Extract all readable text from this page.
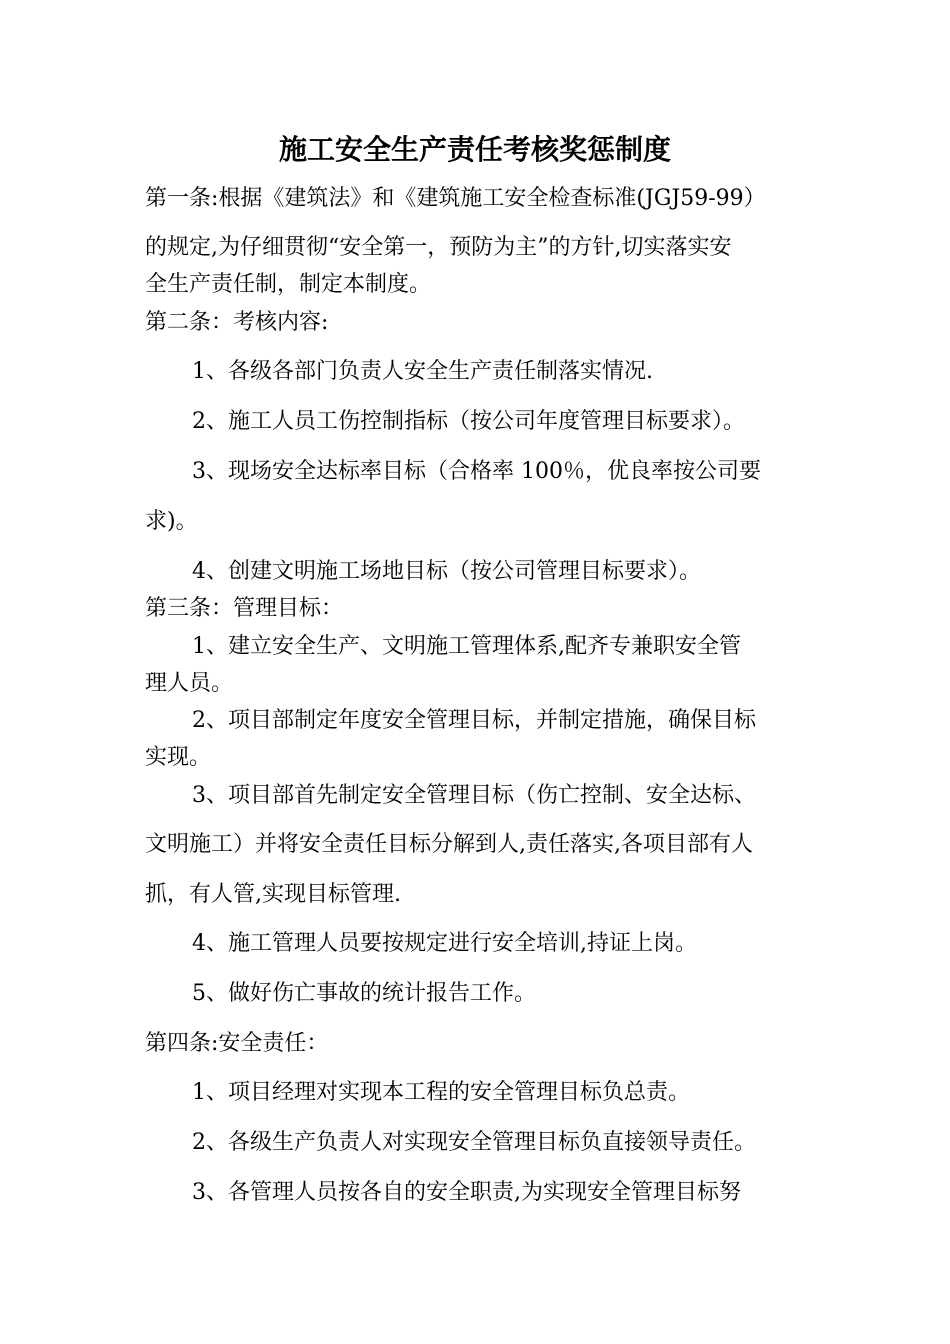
施工安全生产责任考核奖惩制度
第一条:根据《建筑法》和《建筑施工安全检查标准(JGJ59-99）
的规定,为仔细贯彻“安全第一，预防为主”的方针,切实落实安
全生产责任制，制定本制度。
第二条：考核内容:
1、各级各部门负责人安全生产责任制落实情况.
2、施工人员工伤控制指标（按公司年度管理目标要求）。
3、现场安全达标率目标（合格率 100％，优良率按公司要
求)。
4、创建文明施工场地目标（按公司管理目标要求）。
第三条：管理目标：
1、建立安全生产、文明施工管理体系,配齐专兼职安全管
理人员。
2、项目部制定年度安全管理目标，并制定措施，确保目标
实现。
3、项目部首先制定安全管理目标（伤亡控制、安全达标、
文明施工）并将安全责任目标分解到人,责任落实,各项目部有人
抓，有人管,实现目标管理.
4、施工管理人员要按规定进行安全培训,持证上岗。
5、做好伤亡事故的统计报告工作。
第四条:安全责任：
1、项目经理对实现本工程的安全管理目标负总责。
2、各级生产负责人对实现安全管理目标负直接领导责任。
3、各管理人员按各自的安全职责,为实现安全管理目标努
